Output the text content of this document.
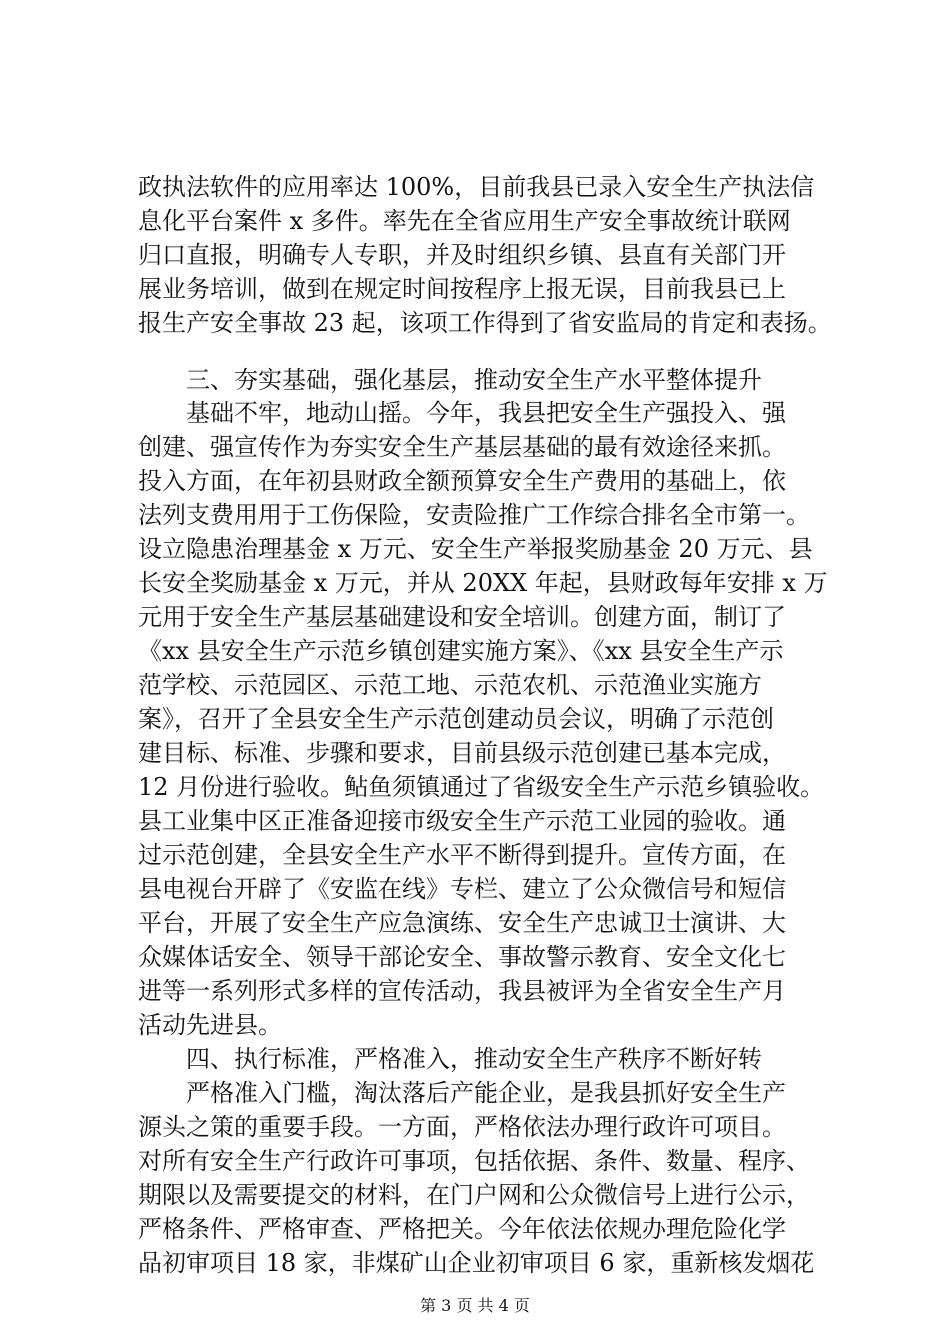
政执法软件的应用率达 100%，目前我县已录入安全生产执法信
息化平台案件 x 多件。率先在全省应用生产安全事故统计联网
归口直报，明确专人专职，并及时组织乡镇、县直有关部门开
展业务培训，做到在规定时间按程序上报无误，目前我县已上
报生产安全事故 23 起，该项工作得到了省安监局的肯定和表扬。
　　三、夯实基础，强化基层，推动安全生产水平整体提升
　　基础不牢，地动山摇。今年，我县把安全生产强投入、强
创建、强宣传作为夯实安全生产基层基础的最有效途径来抓。
投入方面，在年初县财政全额预算安全生产费用的基础上，依
法列支费用用于工伤保险，安责险推广工作综合排名全市第一。
设立隐患治理基金 x 万元、安全生产举报奖励基金 20 万元、县
长安全奖励基金 x 万元，并从 20XX 年起，县财政每年安排 x 万
元用于安全生产基层基础建设和安全培训。创建方面，制订了
《xx 县安全生产示范乡镇创建实施方案》、《xx 县安全生产示
范学校、示范园区、示范工地、示范农机、示范渔业实施方
案》，召开了全县安全生产示范创建动员会议，明确了示范创
建目标、标准、步骤和要求，目前县级示范创建已基本完成，
12 月份进行验收。鲇鱼须镇通过了省级安全生产示范乡镇验收。
县工业集中区正准备迎接市级安全生产示范工业园的验收。通
过示范创建，全县安全生产水平不断得到提升。宣传方面，在
县电视台开辟了《安监在线》专栏、建立了公众微信号和短信
平台，开展了安全生产应急演练、安全生产忠诚卫士演讲、大
众媒体话安全、领导干部论安全、事故警示教育、安全文化七
进等一系列形式多样的宣传活动，我县被评为全省安全生产月
活动先进县。
　　四、执行标准，严格准入，推动安全生产秩序不断好转
　　严格准入门槛，淘汰落后产能企业，是我县抓好安全生产
源头之策的重要手段。一方面，严格依法办理行政许可项目。
对所有安全生产行政许可事项，包括依据、条件、数量、程序、
期限以及需要提交的材料，在门户网和公众微信号上进行公示，
严格条件、严格审查、严格把关。今年依法依规办理危险化学
品初审项目 18 家，非煤矿山企业初审项目 6 家，重新核发烟花
第 3 页 共 4 页
